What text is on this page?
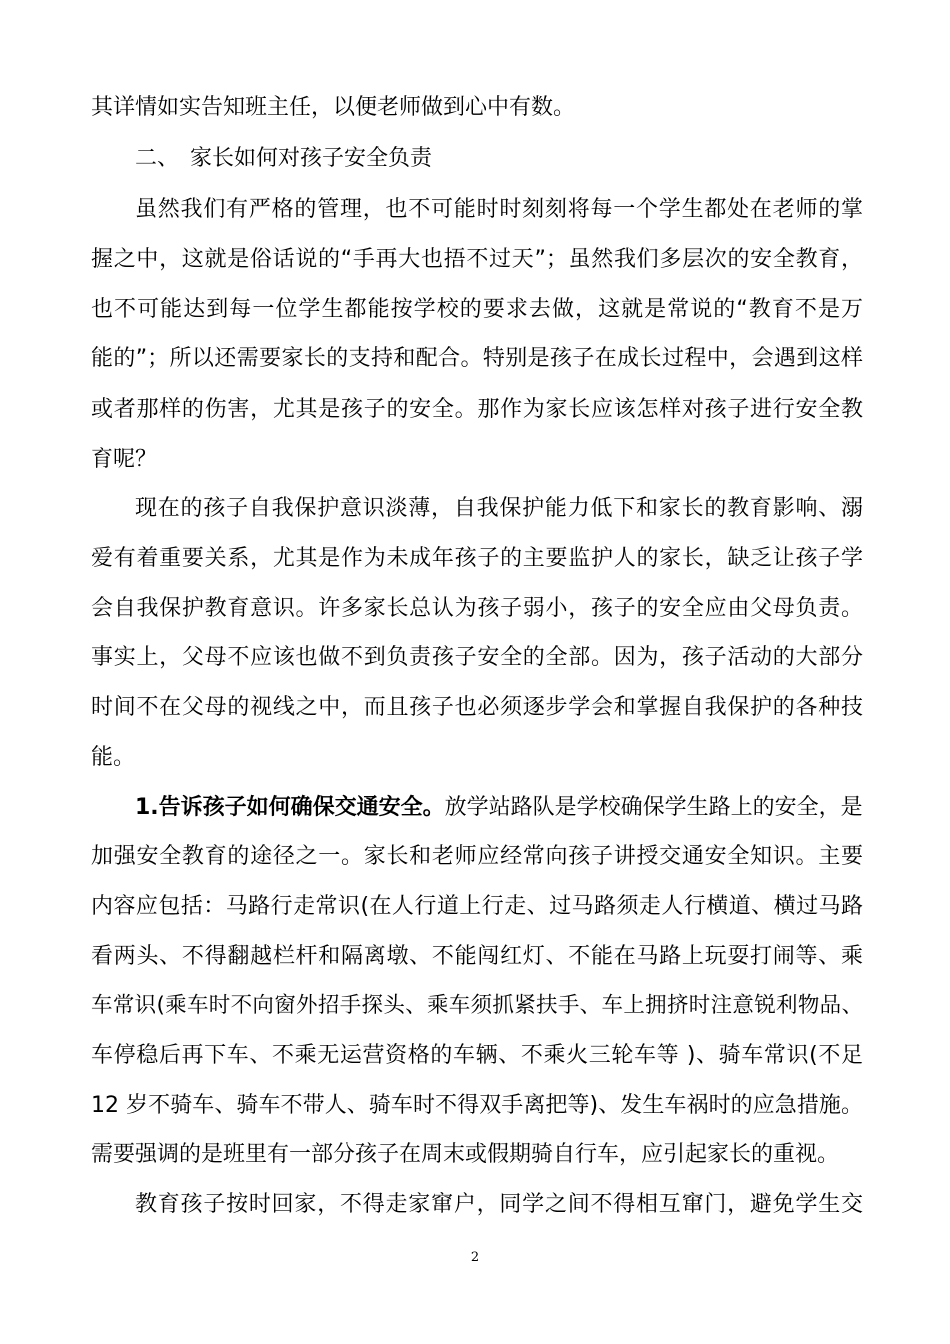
其详情如实告知班主任，以便老师做到心中有数。
二、　家长如何对孩子安全负责
虽然我们有严格的管理，也不可能时时刻刻将每一个学生都处在老师的掌
握之中，这就是俗话说的“手再大也捂不过天”；虽然我们多层次的安全教育，
也不可能达到每一位学生都能按学校的要求去做，这就是常说的“教育不是万
能的”；所以还需要家长的支持和配合。特别是孩子在成长过程中，会遇到这样
或者那样的伤害，尤其是孩子的安全。那作为家长应该怎样对孩子进行安全教
育呢？
现在的孩子自我保护意识淡薄，自我保护能力低下和家长的教育影响、溺
爱有着重要关系，尤其是作为未成年孩子的主要监护人的家长，缺乏让孩子学
会自我保护教育意识。许多家长总认为孩子弱小，孩子的安全应由父母负责。
事实上，父母不应该也做不到负责孩子安全的全部。因为，孩子活动的大部分
时间不在父母的视线之中，而且孩子也必须逐步学会和掌握自我保护的各种技
能。
1.告诉孩子如何确保交通安全。放学站路队是学校确保学生路上的安全，是
加强安全教育的途径之一。家长和老师应经常向孩子讲授交通安全知识。主要
内容应包括：马路行走常识(在人行道上行走、过马路须走人行横道、横过马路
看两头、不得翻越栏杆和隔离墩、不能闯红灯、不能在马路上玩耍打闹等、乘
车常识(乘车时不向窗外招手探头、乘车须抓紧扶手、车上拥挤时注意锐利物品、
车停稳后再下车、不乘无运营资格的车辆、不乘火三轮车等 )、骑车常识(不足
12 岁不骑车、骑车不带人、骑车时不得双手离把等)、发生车祸时的应急措施。
需要强调的是班里有一部分孩子在周末或假期骑自行车，应引起家长的重视。
教育孩子按时回家，不得走家窜户，同学之间不得相互窜门，避免学生交
2
